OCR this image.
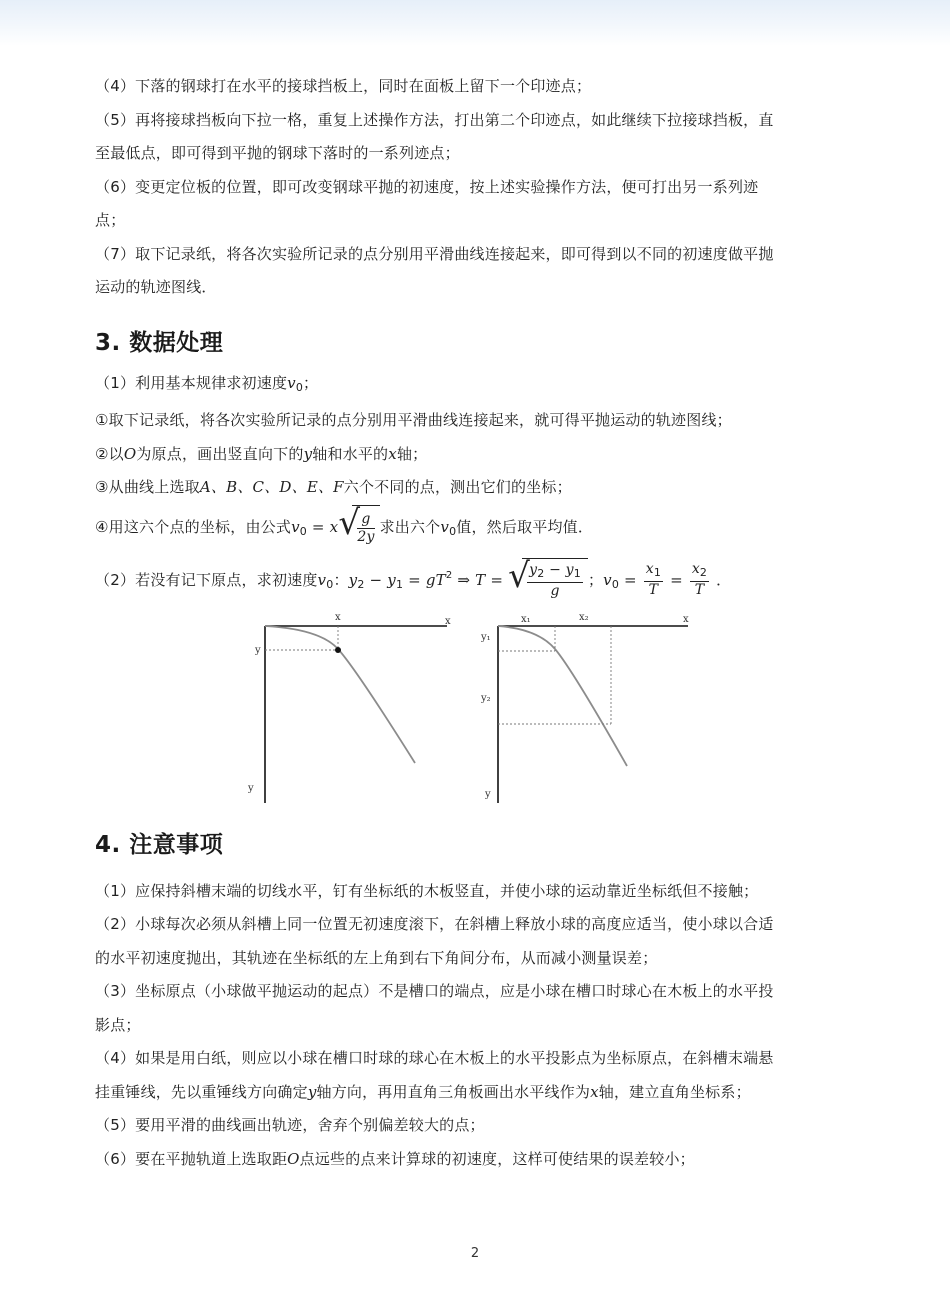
（4）下落的钢球打在水平的接球挡板上，同时在面板上留下一个印迹点；

（5）再将接球挡板向下拉一格，重复上述操作方法，打出第二个印迹点，如此继续下拉接球挡板，直

至最低点，即可得到平抛的钢球下落时的一系列迹点；

（6）变更定位板的位置，即可改变钢球平抛的初速度，按上述实验操作方法，便可打出另一系列迹

点；

（7）取下记录纸，将各次实验所记录的点分别用平滑曲线连接起来，即可得到以不同的初速度做平抛

运动的轨迹图线．

3. 数据处理

（1）利用基本规律求初速度$v_0$；

①取下记录纸，将各次实验所记录的点分别用平滑曲线连接起来，就可得平抛运动的轨迹图线；

②以O为原点，画出竖直向下的y轴和水平的x轴；

③从曲线上选取A、B、C、D、E、F六个不同的点，测出它们的坐标；

④用这六个点的坐标，由公式$v_0 = x$ √
$\frac{g}{2y}$ 求出六个$v_0$值，然后取平均值．

（2）若没有记下原点，求初速度$v_0$：$y_2 - y_1 = gT^2$ ⇒ T = √
$\frac{y_2 - y_1}{g}$ ；$v_0 = \frac{x_1}{T} = \frac{x_2}{T}$ ．

x	x
y
y
x₁	x₂	x
y₁
y₂
y
4. 注意事项

（1）应保持斜槽末端的切线水平，钉有坐标纸的木板竖直，并使小球的运动靠近坐标纸但不接触；

（2）小球每次必须从斜槽上同一位置无初速度滚下，在斜槽上释放小球的高度应适当，使小球以合适

的水平初速度抛出，其轨迹在坐标纸的左上角到右下角间分布，从而减小测量误差；

（3）坐标原点（小球做平抛运动的起点）不是槽口的端点，应是小球在槽口时球心在木板上的水平投

影点；

（4）如果是用白纸，则应以小球在槽口时球的球心在木板上的水平投影点为坐标原点，在斜槽末端悬

挂重锤线，先以重锤线方向确定y轴方向，再用直角三角板画出水平线作为x轴，建立直角坐标系；

（5）要用平滑的曲线画出轨迹，舍弃个别偏差较大的点；

（6）要在平抛轨道上选取距O点远些的点来计算球的初速度，这样可使结果的误差较小；

2
